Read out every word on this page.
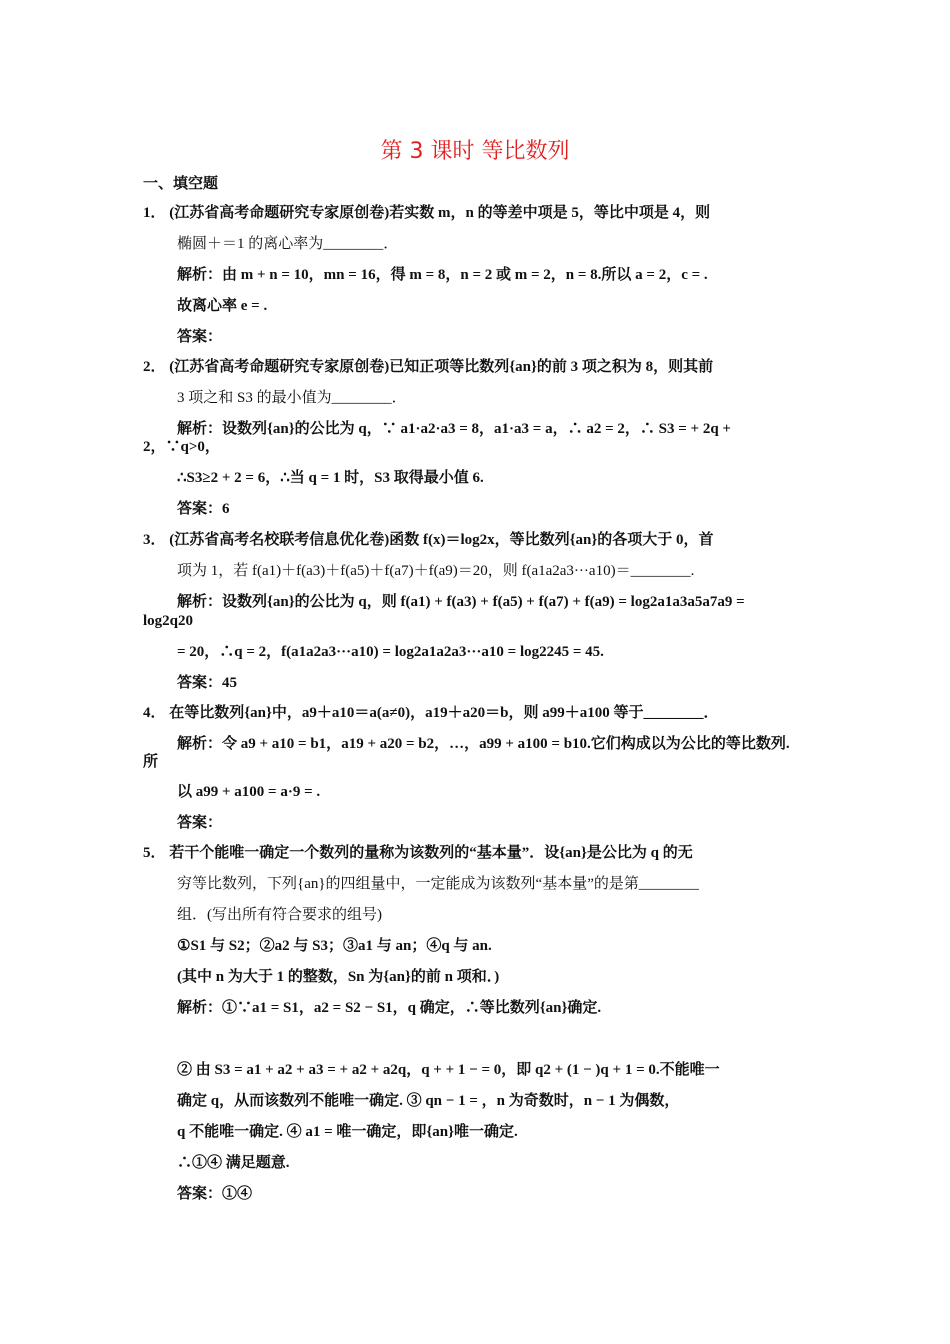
第 3 课时 等比数列
一、填空题
1． (江苏省高考命题研究专家原创卷)若实数 m，n 的等差中项是 5，等比中项是 4，则
椭圆＋＝1 的离心率为________．
解析：由 m + n = 10，mn = 16，得 m = 8，n = 2 或 m = 2，n = 8.所以 a = 2，c = .
故离心率 e = .
答案：
2． (江苏省高考命题研究专家原创卷)已知正项等比数列{an}的前 3 项之积为 8，则其前
3 项之和 S3 的最小值为________．
解析：设数列{an}的公比为 q，∵ a1·a2·a3 = 8，a1·a3 = a，∴ a2 = 2，∴ S3 = + 2q +
2，∵q>0，
∴S3≥2 + 2 = 6，∴当 q = 1 时，S3 取得最小值 6.
答案：6
3． (江苏省高考名校联考信息优化卷)函数 f(x)＝log2x，等比数列{an}的各项大于 0，首
项为 1，若 f(a1)＋f(a3)＋f(a5)＋f(a7)＋f(a9)＝20，则 f(a1a2a3···a10)＝________.
解析：设数列{an}的公比为 q，则 f(a1) + f(a3) + f(a5) + f(a7) + f(a9) = log2a1a3a5a7a9 =
log2q20
= 20，∴q = 2，f(a1a2a3···a10) = log2a1a2a3···a10 = log2245 = 45.
答案：45
4． 在等比数列{an}中，a9＋a10＝a(a≠0)，a19＋a20＝b，则 a99＋a100 等于________．
解析：令 a9 + a10 = b1，a19 + a20 = b2，…，a99 + a100 = b10.它们构成以为公比的等比数列.
所
以 a99 + a100 = a·9 = .
答案：
5． 若干个能唯一确定一个数列的量称为该数列的“基本量”．设{an}是公比为 q 的无
穷等比数列，下列{an}的四组量中，一定能成为该数列“基本量”的是第________
组．(写出所有符合要求的组号)
①S1 与 S2；②a2 与 S3；③a1 与 an；④q 与 an.
(其中 n 为大于 1 的整数，Sn 为{an}的前 n 项和．)
解析：①∵a1 = S1，a2 = S2 − S1，q 确定，∴等比数列{an}确定.
② 由 S3 = a1 + a2 + a3 = + a2 + a2q，q + + 1 − = 0，即 q2 + (1 − )q + 1 = 0.不能唯一
确定 q，从而该数列不能唯一确定. ③ qn − 1 = ，n 为奇数时，n − 1 为偶数，
q 不能唯一确定. ④ a1 = 唯一确定，即{an}唯一确定.
∴①④ 满足题意.
答案：①④
